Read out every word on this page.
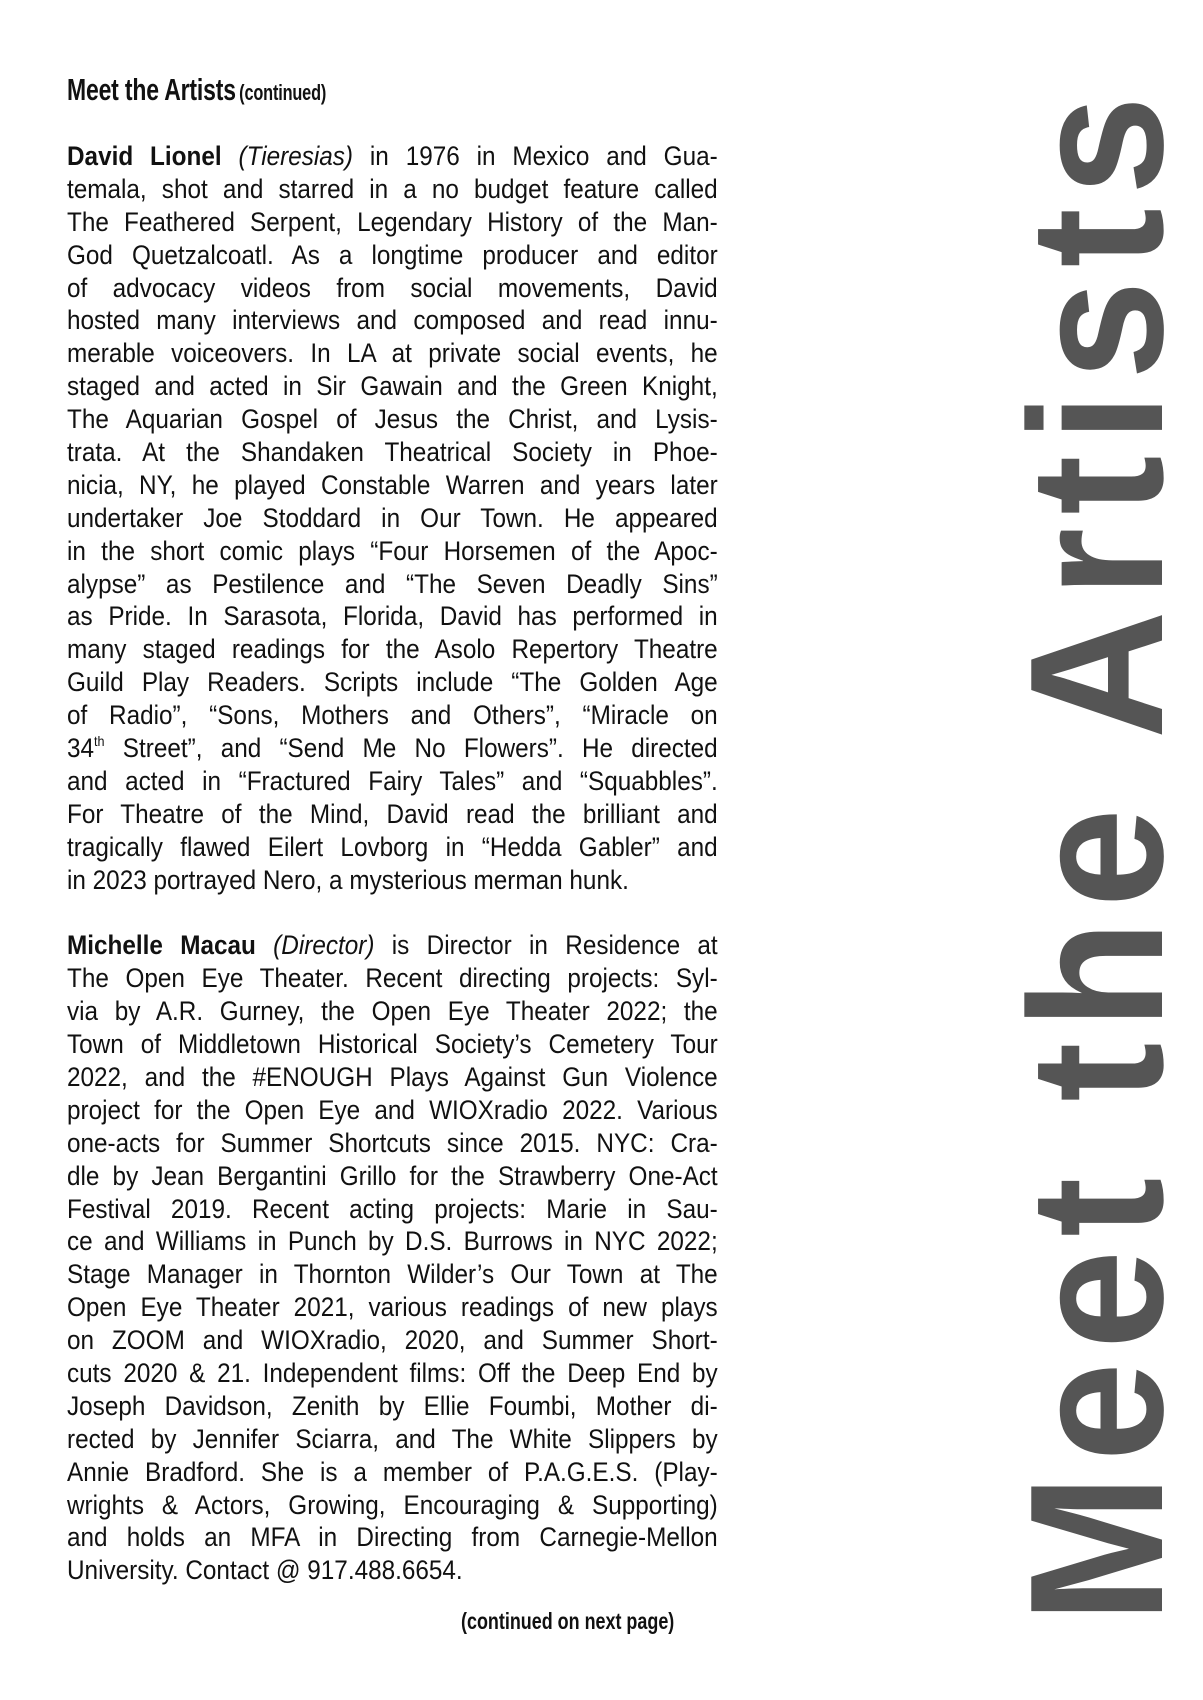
Meet the Artists (continued)
David Lionel (Tieresias) in 1976 in Mexico and Gua-
temala, shot and starred in a no budget feature called
The Feathered Serpent, Legendary History of the Man-
God Quetzalcoatl. As a longtime producer and editor
of advocacy videos from social movements, David
hosted many interviews and composed and read innu-
merable voiceovers. In LA at private social events, he
staged and acted in Sir Gawain and the Green Knight,
The Aquarian Gospel of Jesus the Christ, and Lysis-
trata. At the Shandaken Theatrical Society in Phoe-
nicia, NY, he played Constable Warren and years later
undertaker Joe Stoddard in Our Town. He appeared
in the short comic plays “Four Horsemen of the Apoc-
alypse” as Pestilence and “The Seven Deadly Sins”
as Pride. In Sarasota, Florida, David has performed in
many staged readings for the Asolo Repertory Theatre
Guild Play Readers. Scripts include “The Golden Age
of Radio”, “Sons, Mothers and Others”, “Miracle on
34th Street”, and “Send Me No Flowers”. He directed
and acted in “Fractured Fairy Tales” and “Squabbles”.
For Theatre of the Mind, David read the brilliant and
tragically flawed Eilert Lovborg in “Hedda Gabler” and
in 2023 portrayed Nero, a mysterious merman hunk.
Michelle Macau (Director) is Director in Residence at
The Open Eye Theater. Recent directing projects: Syl-
via by A.R. Gurney, the Open Eye Theater 2022; the
Town of Middletown Historical Society’s Cemetery Tour
2022, and the #ENOUGH Plays Against Gun Violence
project for the Open Eye and WIOXradio 2022. Various
one-acts for Summer Shortcuts since 2015. NYC: Cra-
dle by Jean Bergantini Grillo for the Strawberry One-Act
Festival 2019. Recent acting projects: Marie in Sau-
ce and Williams in Punch by D.S. Burrows in NYC 2022;
Stage Manager in Thornton Wilder’s Our Town at The
Open Eye Theater 2021, various readings of new plays
on ZOOM and WIOXradio, 2020, and Summer Short-
cuts 2020 & 21. Independent films: Off the Deep End by
Joseph Davidson, Zenith by Ellie Foumbi, Mother di-
rected by Jennifer Sciarra, and The White Slippers by
Annie Bradford. She is a member of P.A.G.E.S. (Play-
wrights & Actors, Growing, Encouraging & Supporting)
and holds an MFA in Directing from Carnegie-Mellon
University. Contact @ 917.488.6654.
(continued on next page) Meet the Artists
